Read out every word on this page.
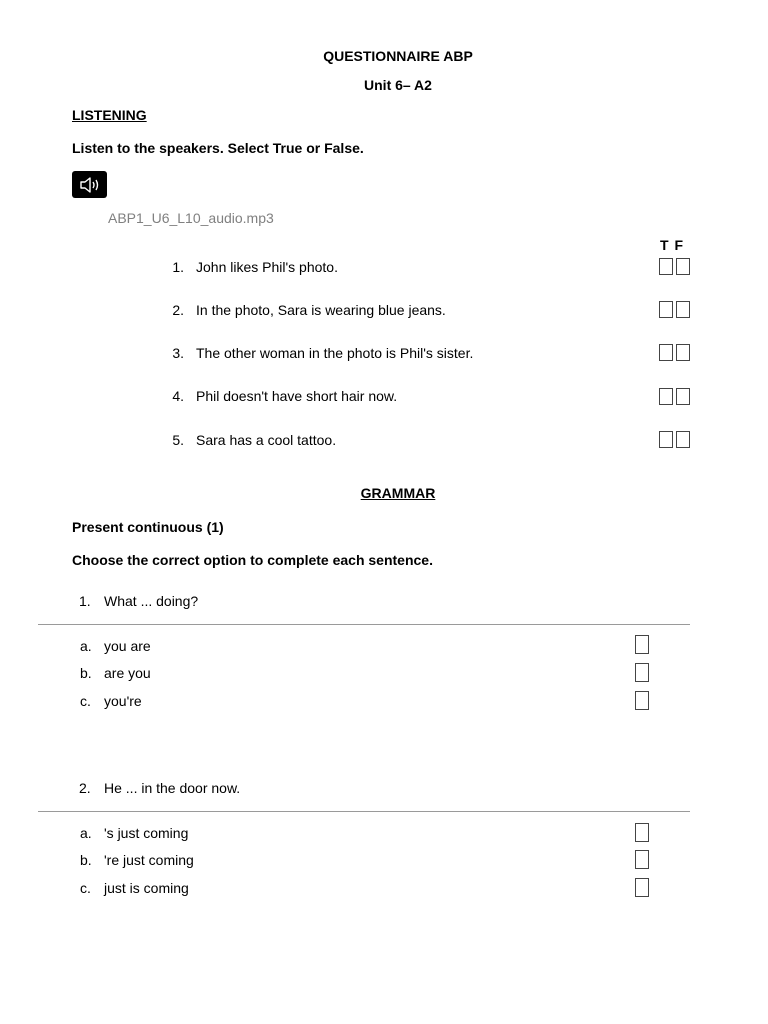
QUESTIONNAIRE ABP
Unit 6– A2
LISTENING
Listen to the speakers. Select True or False.
ABP1_U6_L10_audio.mp3
T F
1. John likes Phil's photo.
2. In the photo, Sara is wearing blue jeans.
3. The other woman in the photo is Phil's sister.
4. Phil doesn't have short hair now.
5. Sara has a cool tattoo.
GRAMMAR
Present continuous (1)
Choose the correct option to complete each sentence.
1. What ... doing?
a. you are
b. are you
c. you're
2. He ... in the door now.
a. 's just coming
b. 're just coming
c. just is coming
